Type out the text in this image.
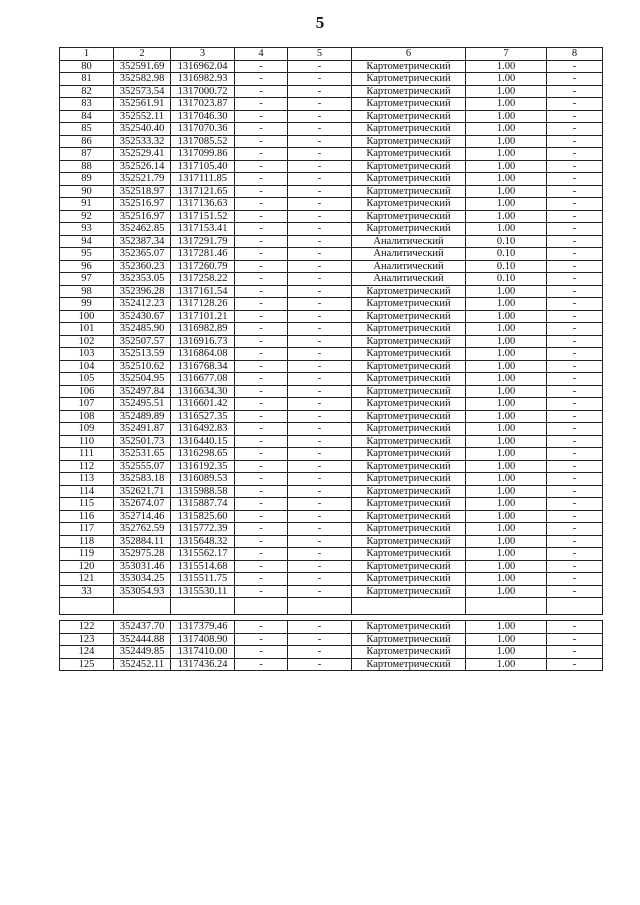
5
1	2	3	4	5	6	7	8
80	352591.69	1316962.04	-	-	Картометрический	1.00	-
81	352582.98	1316982.93	-	-	Картометрический	1.00	-
82	352573.54	1317000.72	-	-	Картометрический	1.00	-
83	352561.91	1317023.87	-	-	Картометрический	1.00	-
84	352552.11	1317046.30	-	-	Картометрический	1.00	-
85	352540.40	1317070.36	-	-	Картометрический	1.00	-
86	352533.32	1317085.52	-	-	Картометрический	1.00	-
87	352529.41	1317099.86	-	-	Картометрический	1.00	-
88	352526.14	1317105.40	-	-	Картометрический	1.00	-
89	352521.79	1317111.85	-	-	Картометрический	1.00	-
90	352518.97	1317121.65	-	-	Картометрический	1.00	-
91	352516.97	1317136.63	-	-	Картометрический	1.00	-
92	352516.97	1317151.52	-	-	Картометрический	1.00	-
93	352462.85	1317153.41	-	-	Картометрический	1.00	-
94	352387.34	1317291.79	-	-	Аналитический	0.10	-
95	352365.07	1317281.46	-	-	Аналитический	0.10	-
96	352360.23	1317260.79	-	-	Аналитический	0.10	-
97	352353.05	1317258.22	-	-	Аналитический	0.10	-
98	352396.28	1317161.54	-	-	Картометрический	1.00	-
99	352412.23	1317128.26	-	-	Картометрический	1.00	-
100	352430.67	1317101.21	-	-	Картометрический	1.00	-
101	352485.90	1316982.89	-	-	Картометрический	1.00	-
102	352507.57	1316916.73	-	-	Картометрический	1.00	-
103	352513.59	1316864.08	-	-	Картометрический	1.00	-
104	352510.62	1316768.34	-	-	Картометрический	1.00	-
105	352504.95	1316677.08	-	-	Картометрический	1.00	-
106	352497.84	1316634.30	-	-	Картометрический	1.00	-
107	352495.51	1316601.42	-	-	Картометрический	1.00	-
108	352489.89	1316527.35	-	-	Картометрический	1.00	-
109	352491.87	1316492.83	-	-	Картометрический	1.00	-
110	352501.73	1316440.15	-	-	Картометрический	1.00	-
111	352531.65	1316298.65	-	-	Картометрический	1.00	-
112	352555.07	1316192.35	-	-	Картометрический	1.00	-
113	352583.18	1316089.53	-	-	Картометрический	1.00	-
114	352621.71	1315988.58	-	-	Картометрический	1.00	-
115	352674.07	1315887.74	-	-	Картометрический	1.00	-
116	352714.46	1315825.60	-	-	Картометрический	1.00	-
117	352762.59	1315772.39	-	-	Картометрический	1.00	-
118	352884.11	1315648.32	-	-	Картометрический	1.00	-
119	352975.28	1315562.17	-	-	Картометрический	1.00	-
120	353031.46	1315514.68	-	-	Картометрический	1.00	-
121	353034.25	1315511.75	-	-	Картометрический	1.00	-
33	353054.93	1315530.11	-	-	Картометрический	1.00	-

122	352437.70	1317379.46	-	-	Картометрический	1.00	-
123	352444.88	1317408.90	-	-	Картометрический	1.00	-
124	352449.85	1317410.00	-	-	Картометрический	1.00	-
125	352452.11	1317436.24	-	-	Картометрический	1.00	-
